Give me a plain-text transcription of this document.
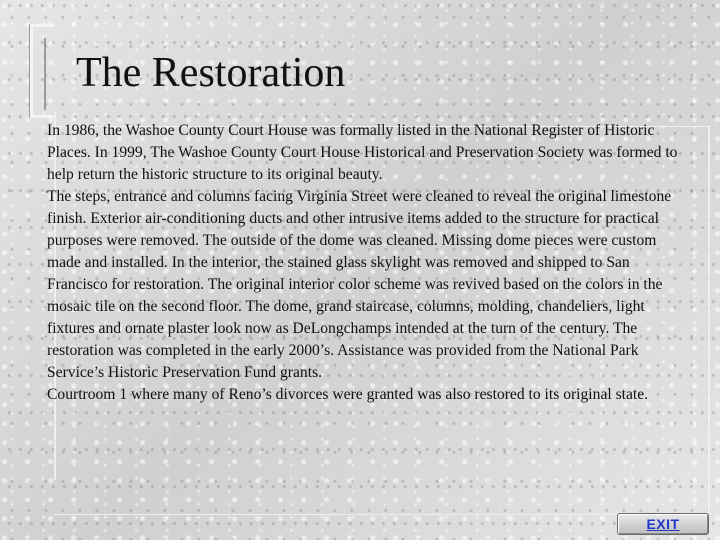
The Restoration

In 1986, the Washoe County Court House was formally listed in the National Register of Historic Places. In 1999, The Washoe County Court House Historical and Preservation Society was formed to help return the historic structure to its original beauty.

The steps, entrance and columns facing Virginia Street were cleaned to reveal the original limestone finish. Exterior air-conditioning ducts and other intrusive items added to the structure for practical purposes were removed. The outside of the dome was cleaned. Missing dome pieces were custom made and installed. In the interior, the stained glass skylight was removed and shipped to San Francisco for restoration. The original interior color scheme was revived based on the colors in the mosaic tile on the second floor. The dome, grand staircase, columns, molding, chandeliers, light fixtures and ornate plaster look now as DeLongchamps intended at the turn of the century. The restoration was completed in the early 2000’s. Assistance was provided from the National Park Service’s Historic Preservation Fund grants.

Courtroom 1 where many of Reno’s divorces were granted was also restored to its original state.

EXIT
